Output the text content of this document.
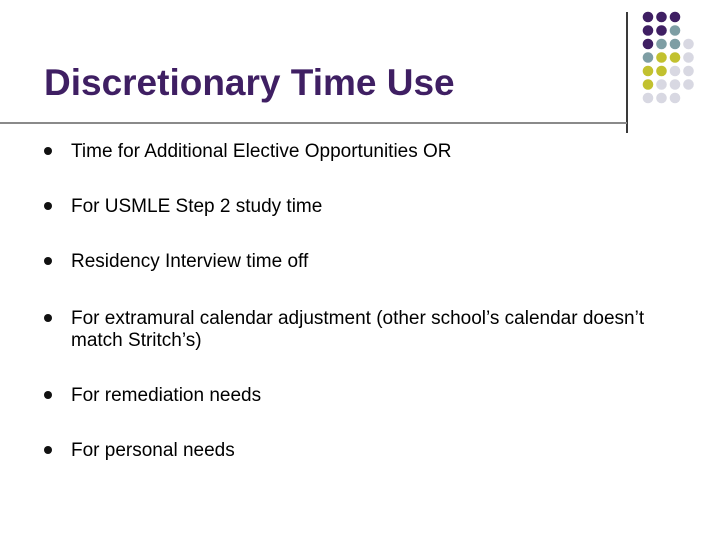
Discretionary Time Use
Time for Additional Elective Opportunities OR
For USMLE Step 2 study time
Residency Interview time off
For extramural calendar adjustment (other school’s calendar doesn’t match Stritch’s)
For remediation needs
For personal needs
